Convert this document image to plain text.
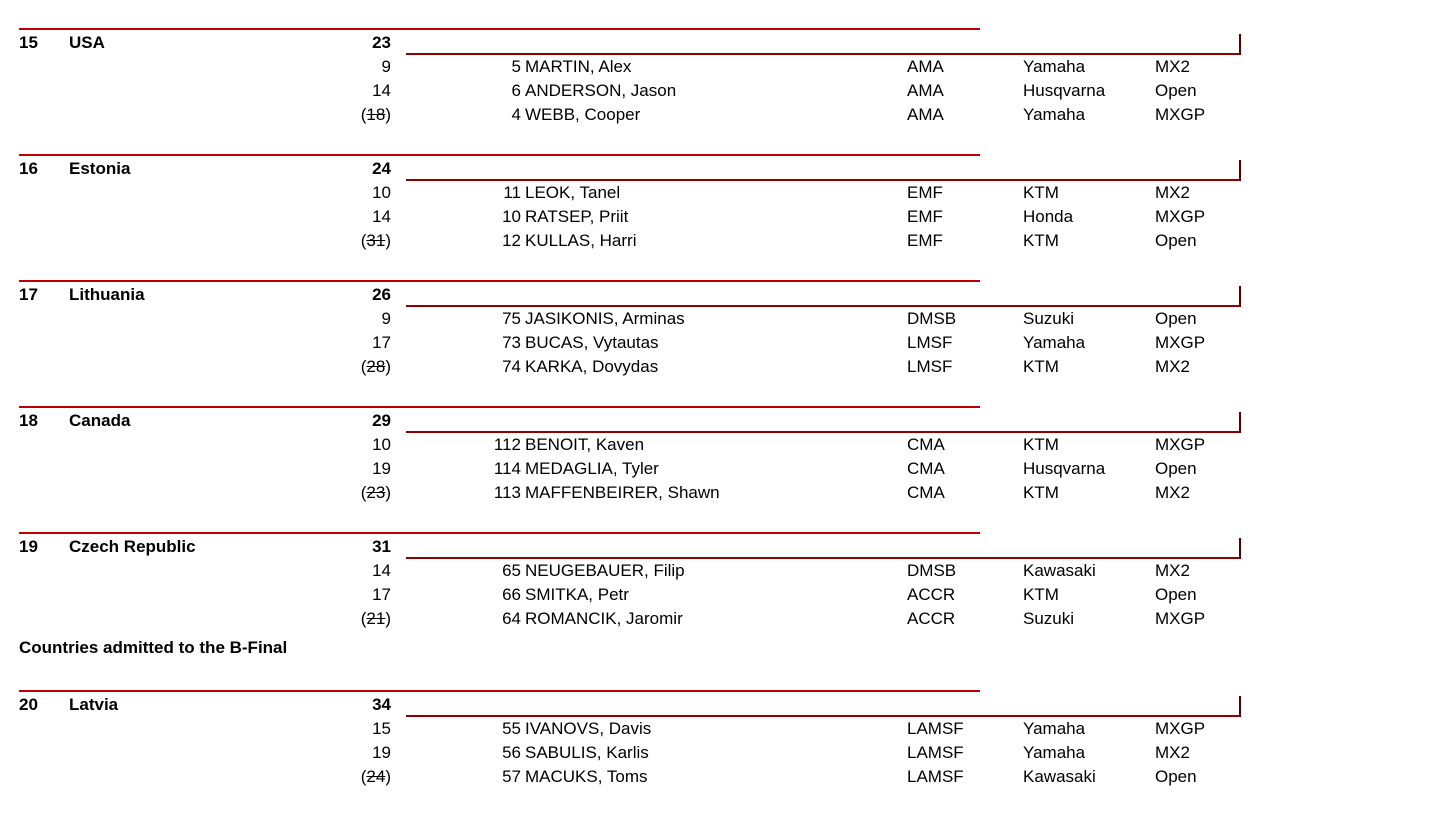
15 USA	23
9	5 MARTIN, Alex	AMA	Yamaha	MX2
14	6 ANDERSON, Jason	AMA	Husqvarna	Open
(18)	4 WEBB, Cooper	AMA	Yamaha	MXGP
16 Estonia	24
10	11 LEOK, Tanel	EMF	KTM	MX2
14	10 RATSEP, Priit	EMF	Honda	MXGP
(31)	12 KULLAS, Harri	EMF	KTM	Open
17 Lithuania	26
9	75 JASIKONIS, Arminas	DMSB	Suzuki	Open
17	73 BUCAS, Vytautas	LMSF	Yamaha	MXGP
(28)	74 KARKA, Dovydas	LMSF	KTM	MX2
18 Canada	29
10	112 BENOIT, Kaven	CMA	KTM	MXGP
19	114 MEDAGLIA, Tyler	CMA	Husqvarna	Open
(23)	113 MAFFENBEIRER, Shawn	CMA	KTM	MX2
19 Czech Republic	31
14	65 NEUGEBAUER, Filip	DMSB	Kawasaki	MX2
17	66 SMITKA, Petr	ACCR	KTM	Open
(21)	64 ROMANCIK, Jaromir	ACCR	Suzuki	MXGP
20 Latvia	34
15	55 IVANOVS, Davis	LAMSF	Yamaha	MXGP
19	56 SABULIS, Karlis	LAMSF	Yamaha	MX2
(24)	57 MACUKS, Toms	LAMSF	Kawasaki	Open
Countries admitted to the B-Final
